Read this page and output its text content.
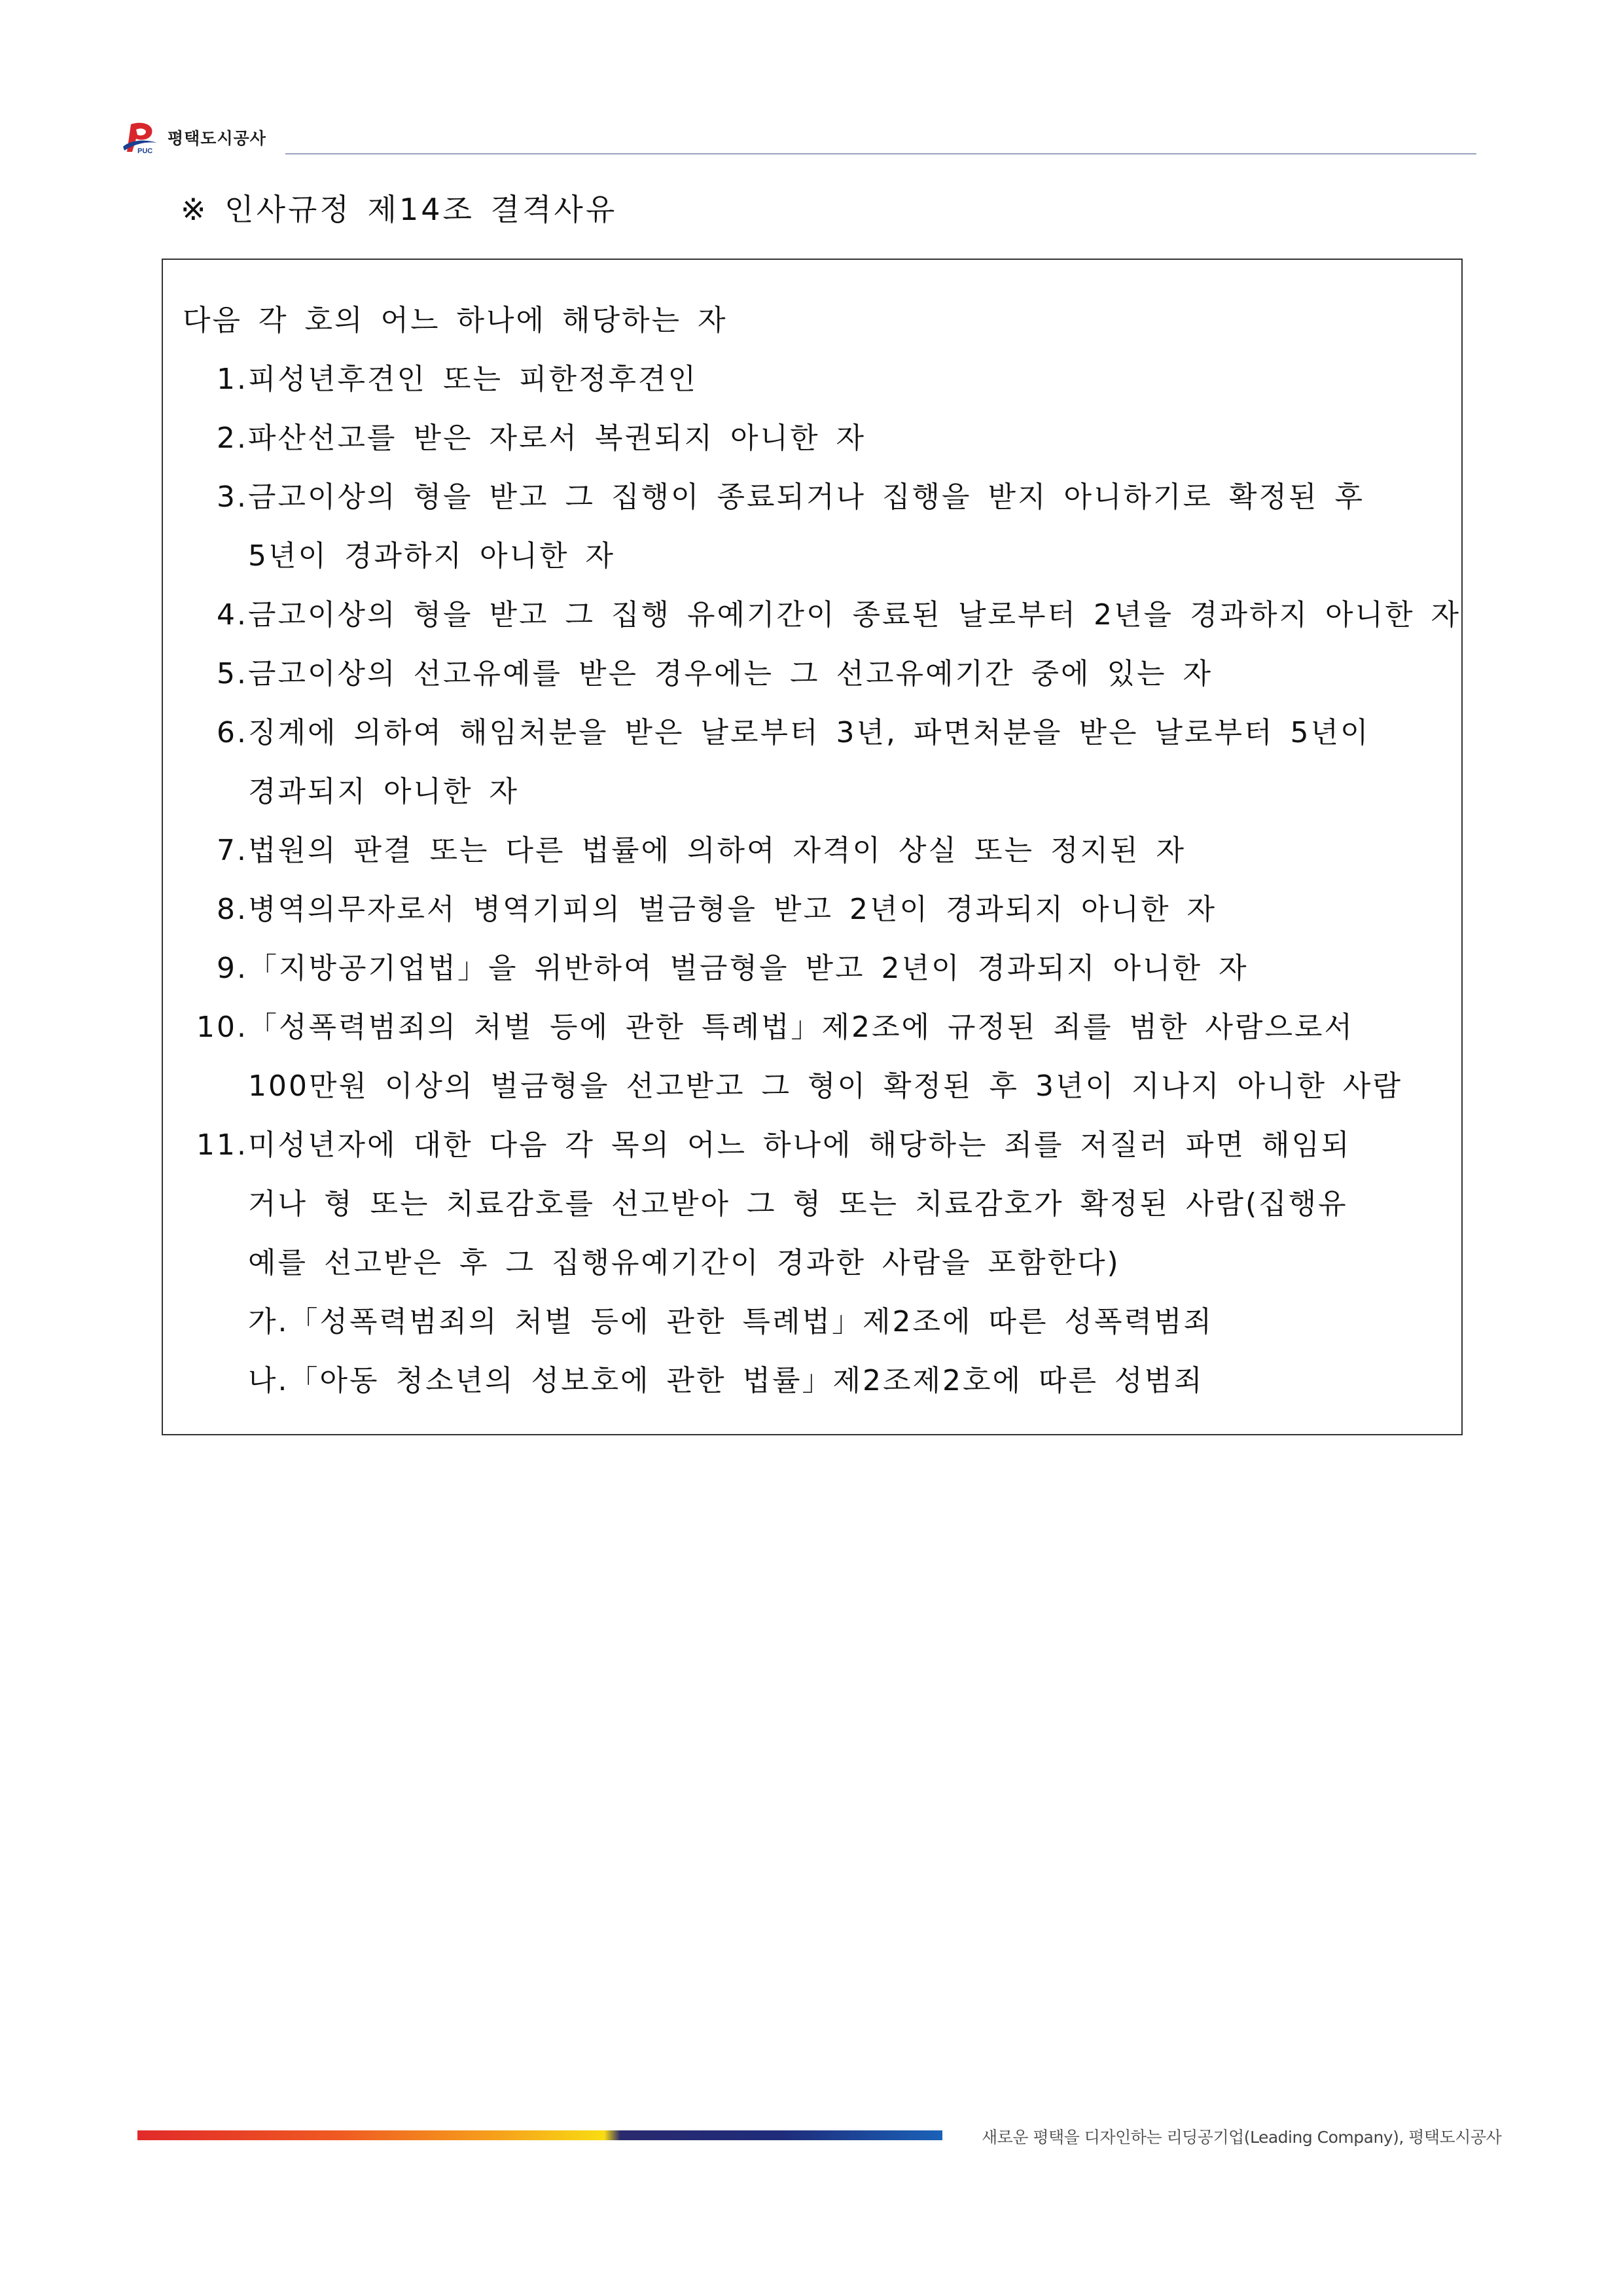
PUC
평택도시공사
※ 인사규정 제14조 결격사유
다음 각 호의 어느 하나에 해당하는 자
1. 피성년후견인 또는 피한정후견인
2. 파산선고를 받은 자로서 복권되지 아니한 자
3. 금고이상의 형을 받고 그 집행이 종료되거나 집행을 받지 아니하기로 확정된 후
5년이 경과하지 아니한 자
4. 금고이상의 형을 받고 그 집행 유예기간이 종료된 날로부터 2년을 경과하지 아니한 자
5. 금고이상의 선고유예를 받은 경우에는 그 선고유예기간 중에 있는 자
6. 징계에 의하여 해임처분을 받은 날로부터 3년, 파면처분을 받은 날로부터 5년이
경과되지 아니한 자
7. 법원의 판결 또는 다른 법률에 의하여 자격이 상실 또는 정지된 자
8. 병역의무자로서 병역기피의 벌금형을 받고 2년이 경과되지 아니한 자
9. 「지방공기업법」을 위반하여 벌금형을 받고 2년이 경과되지 아니한 자
10. 「성폭력범죄의 처벌 등에 관한 특례법」제2조에 규정된 죄를 범한 사람으로서
100만원 이상의 벌금형을 선고받고 그 형이 확정된 후 3년이 지나지 아니한 사람
11. 미성년자에 대한 다음 각 목의 어느 하나에 해당하는 죄를 저질러 파면 해임되
거나 형 또는 치료감호를 선고받아 그 형 또는 치료감호가 확정된 사람(집행유
예를 선고받은 후 그 집행유예기간이 경과한 사람을 포함한다)
가.「성폭력범죄의 처벌 등에 관한 특례법」제2조에 따른 성폭력범죄
나.「아동 청소년의 성보호에 관한 법률」제2조제2호에 따른 성범죄
새로운 평택을 디자인하는 리딩공기업(Leading Company), 평택도시공사
